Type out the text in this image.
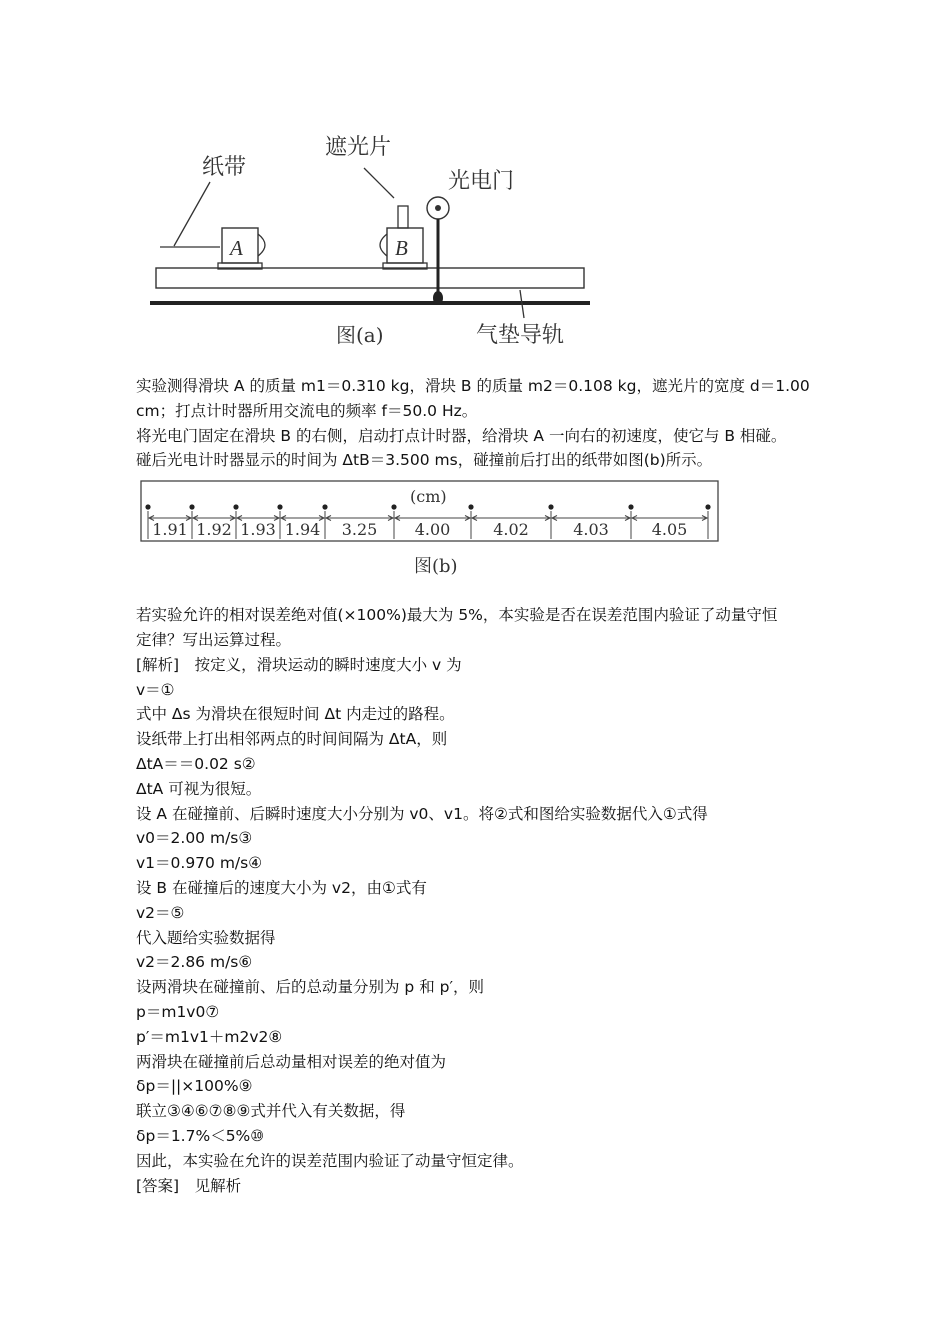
纸带
遮光片
光电门
A	B
图(a)	气垫导轨
实验测得滑块 A 的质量 m1＝0.310 kg，滑块 B 的质量 m2＝0.108 kg，遮光片的宽度 d＝1.00
cm；打点计时器所用交流电的频率 f＝50.0 Hz。
将光电门固定在滑块 B 的右侧，启动打点计时器，给滑块 A 一向右的初速度，使它与 B 相碰。
碰后光电计时器显示的时间为 ΔtB＝3.500 ms，碰撞前后打出的纸带如图(b)所示。
若实验允许的相对误差绝对值(×100%)最大为 5%，本实验是否在误差范围内验证了动量守恒
定律？写出运算过程。
[解析]　按定义，滑块运动的瞬时速度大小 v 为
v＝①
式中 Δs 为滑块在很短时间 Δt 内走过的路程。
设纸带上打出相邻两点的时间间隔为 ΔtA，则
ΔtA＝＝0.02 s②
ΔtA 可视为很短。
设 A 在碰撞前、后瞬时速度大小分别为 v0、v1。将②式和图给实验数据代入①式得
v0＝2.00 m/s③
v1＝0.970 m/s④
设 B 在碰撞后的速度大小为 v2，由①式有
v2＝⑤
代入题给实验数据得
v2＝2.86 m/s⑥
设两滑块在碰撞前、后的总动量分别为 p 和 p′，则
p＝m1v0⑦
p′＝m1v1＋m2v2⑧
两滑块在碰撞前后总动量相对误差的绝对值为
δp＝||×100%⑨
联立③④⑥⑦⑧⑨式并代入有关数据，得
δp＝1.7%＜5%⑩
因此，本实验在允许的误差范围内验证了动量守恒定律。
[答案]　见解析
(cm)
1.91 1.92 1.93 1.94 3.25 4.00	4.02	4.03	4.05
图(b)
